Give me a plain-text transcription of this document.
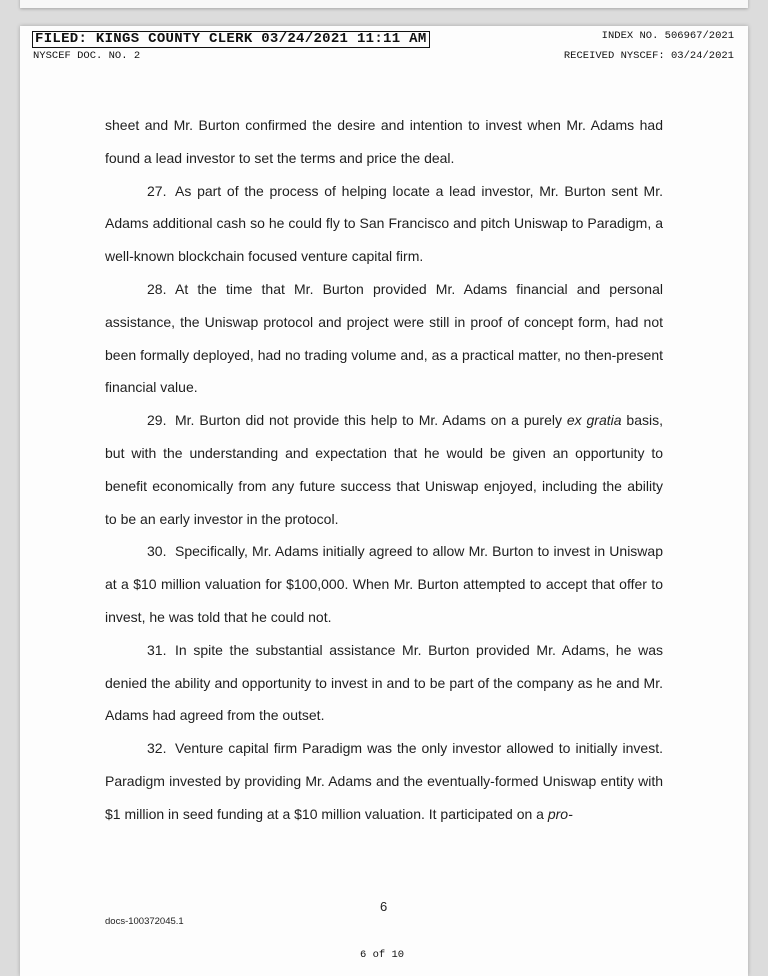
FILED: KINGS COUNTY CLERK 03/24/2021 11:11 AM
NYSCEF DOC. NO. 2
INDEX NO. 506967/2021
RECEIVED NYSCEF: 03/24/2021

sheet and Mr. Burton confirmed the desire and intention to invest when Mr. Adams had found a lead investor to set the terms and price the deal.

27. As part of the process of helping locate a lead investor, Mr. Burton sent Mr. Adams additional cash so he could fly to San Francisco and pitch Uniswap to Paradigm, a well-known blockchain focused venture capital firm.

28. At the time that Mr. Burton provided Mr. Adams financial and personal assistance, the Uniswap protocol and project were still in proof of concept form, had not been formally deployed, had no trading volume and, as a practical matter, no then-present financial value.

29. Mr. Burton did not provide this help to Mr. Adams on a purely ex gratia basis, but with the understanding and expectation that he would be given an opportunity to benefit economically from any future success that Uniswap enjoyed, including the ability to be an early investor in the protocol.

30. Specifically, Mr. Adams initially agreed to allow Mr. Burton to invest in Uniswap at a $10 million valuation for $100,000. When Mr. Burton attempted to accept that offer to invest, he was told that he could not.

31. In spite the substantial assistance Mr. Burton provided Mr. Adams, he was denied the ability and opportunity to invest in and to be part of the company as he and Mr. Adams had agreed from the outset.

32. Venture capital firm Paradigm was the only investor allowed to initially invest. Paradigm invested by providing Mr. Adams and the eventually-formed Uniswap entity with $1 million in seed funding at a $10 million valuation. It participated on a pro-

6
docs-100372045.1
6 of 10
